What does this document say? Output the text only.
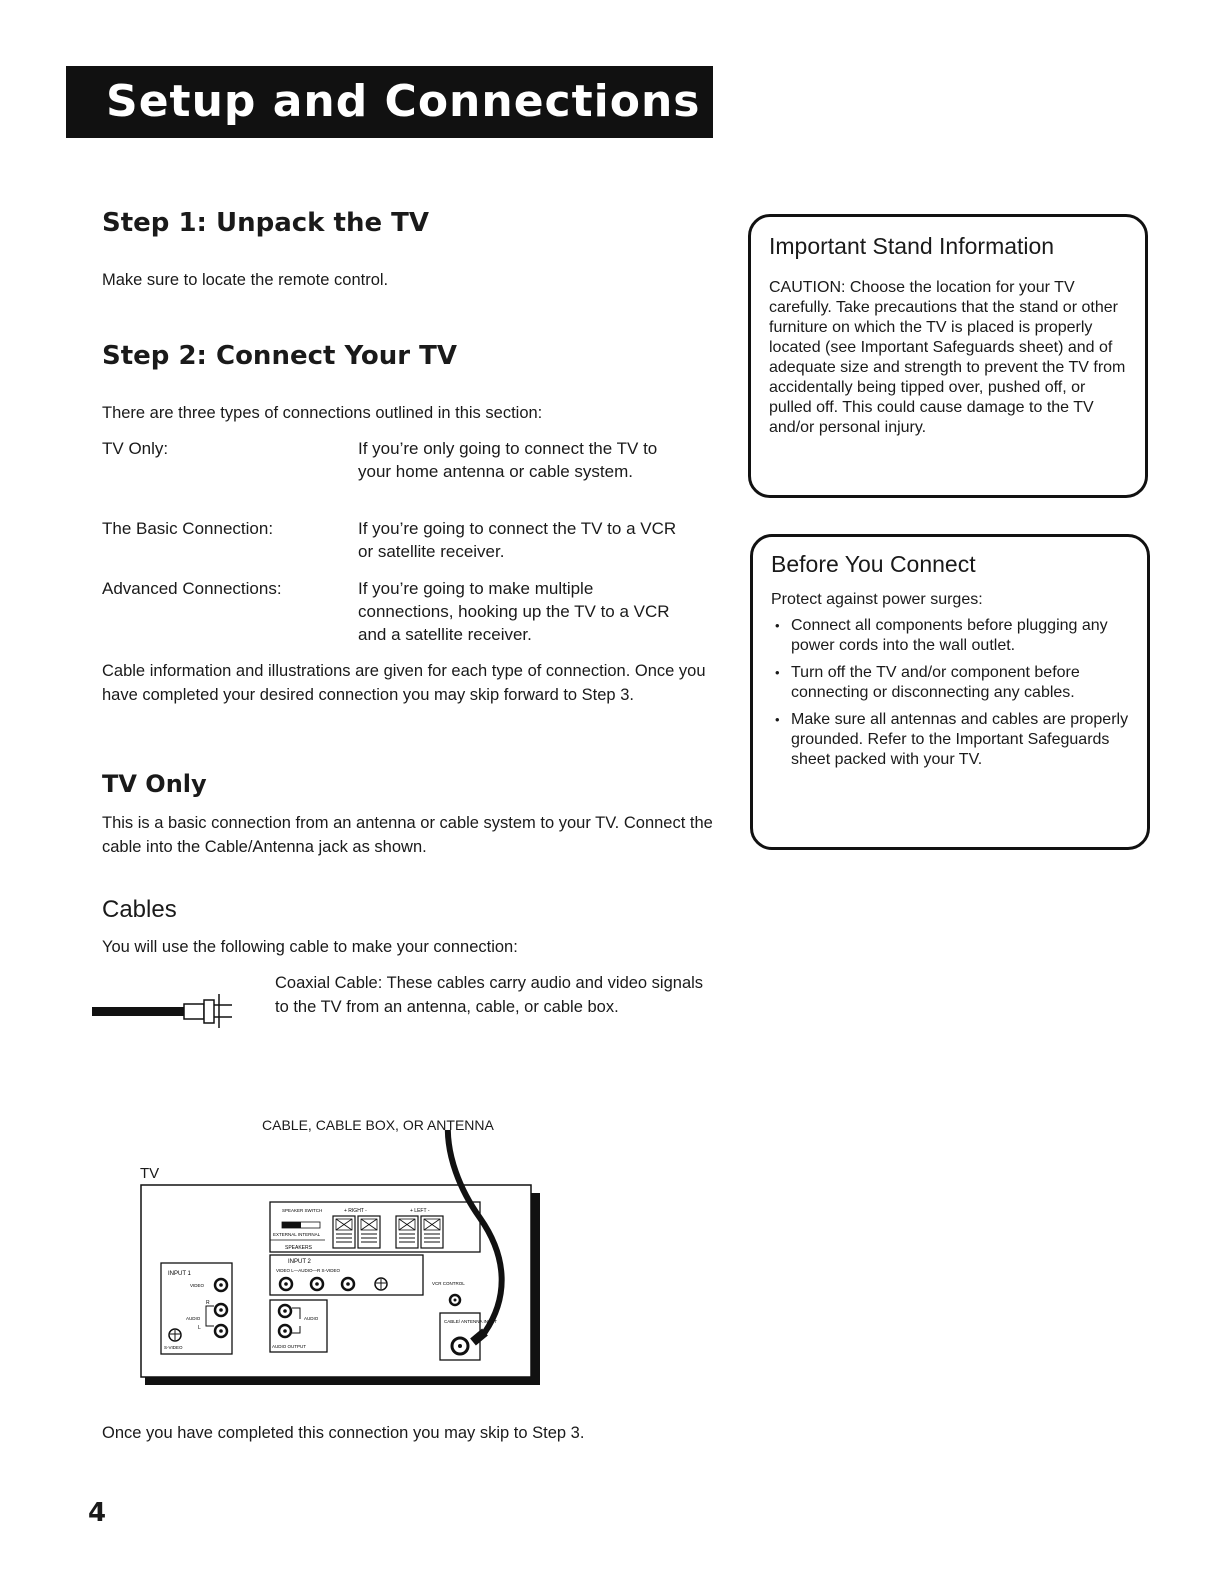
Setup and Connections
Step 1: Unpack the TV

Make sure to locate the remote control.

Step 2: Connect Your TV

There are three types of connections outlined in this section:

TV Only:	If you’re only going to connect the TV to your home antenna or cable system.
The Basic Connection:	If you’re going to connect the TV to a VCR or satellite receiver.
Advanced Connections:	If you’re going to make multiple connections, hooking up the TV to a VCR and a satellite receiver.

Cable information and illustrations are given for each type of connection. Once you have completed your desired connection you may skip forward to Step 3.

TV Only

This is a basic connection from an antenna or cable system to your TV. Connect the cable into the Cable/Antenna jack as shown.

Cables

You will use the following cable to make your connection:

Coaxial Cable: These cables carry audio and video signals to the TV from an antenna, cable, or cable box.

CABLE, CABLE BOX, OR ANTENNA
TV
SPEAKER SWITCH
EXTERNAL INTERNAL
SPEAKERS
+ RIGHT -	+ LEFT -
INPUT 2
VIDEO L—AUDIO—R S-VIDEO
AUDIO
AUDIO OUTPUT
INPUT 1
VIDEO
R
L
AUDIO
S-VIDEO
VCR CONTROL
CABLE/ ANTENNA INPUT

Once you have completed this connection you may skip to Step 3.

4
Important Stand Information

CAUTION: Choose the location for your TV carefully. Take precautions that the stand or other furniture on which the TV is placed is properly located (see Important Safeguards sheet) and of adequate size and strength to prevent the TV from accidentally being tipped over, pushed off, or pulled off. This could cause damage to the TV and/or personal injury.

Before You Connect

Protect against power surges:

• Connect all components before plugging any power cords into the wall outlet.
• Turn off the TV and/or component before connecting or disconnecting any cables.
• Make sure all antennas and cables are properly grounded. Refer to the Important Safeguards sheet packed with your TV.
